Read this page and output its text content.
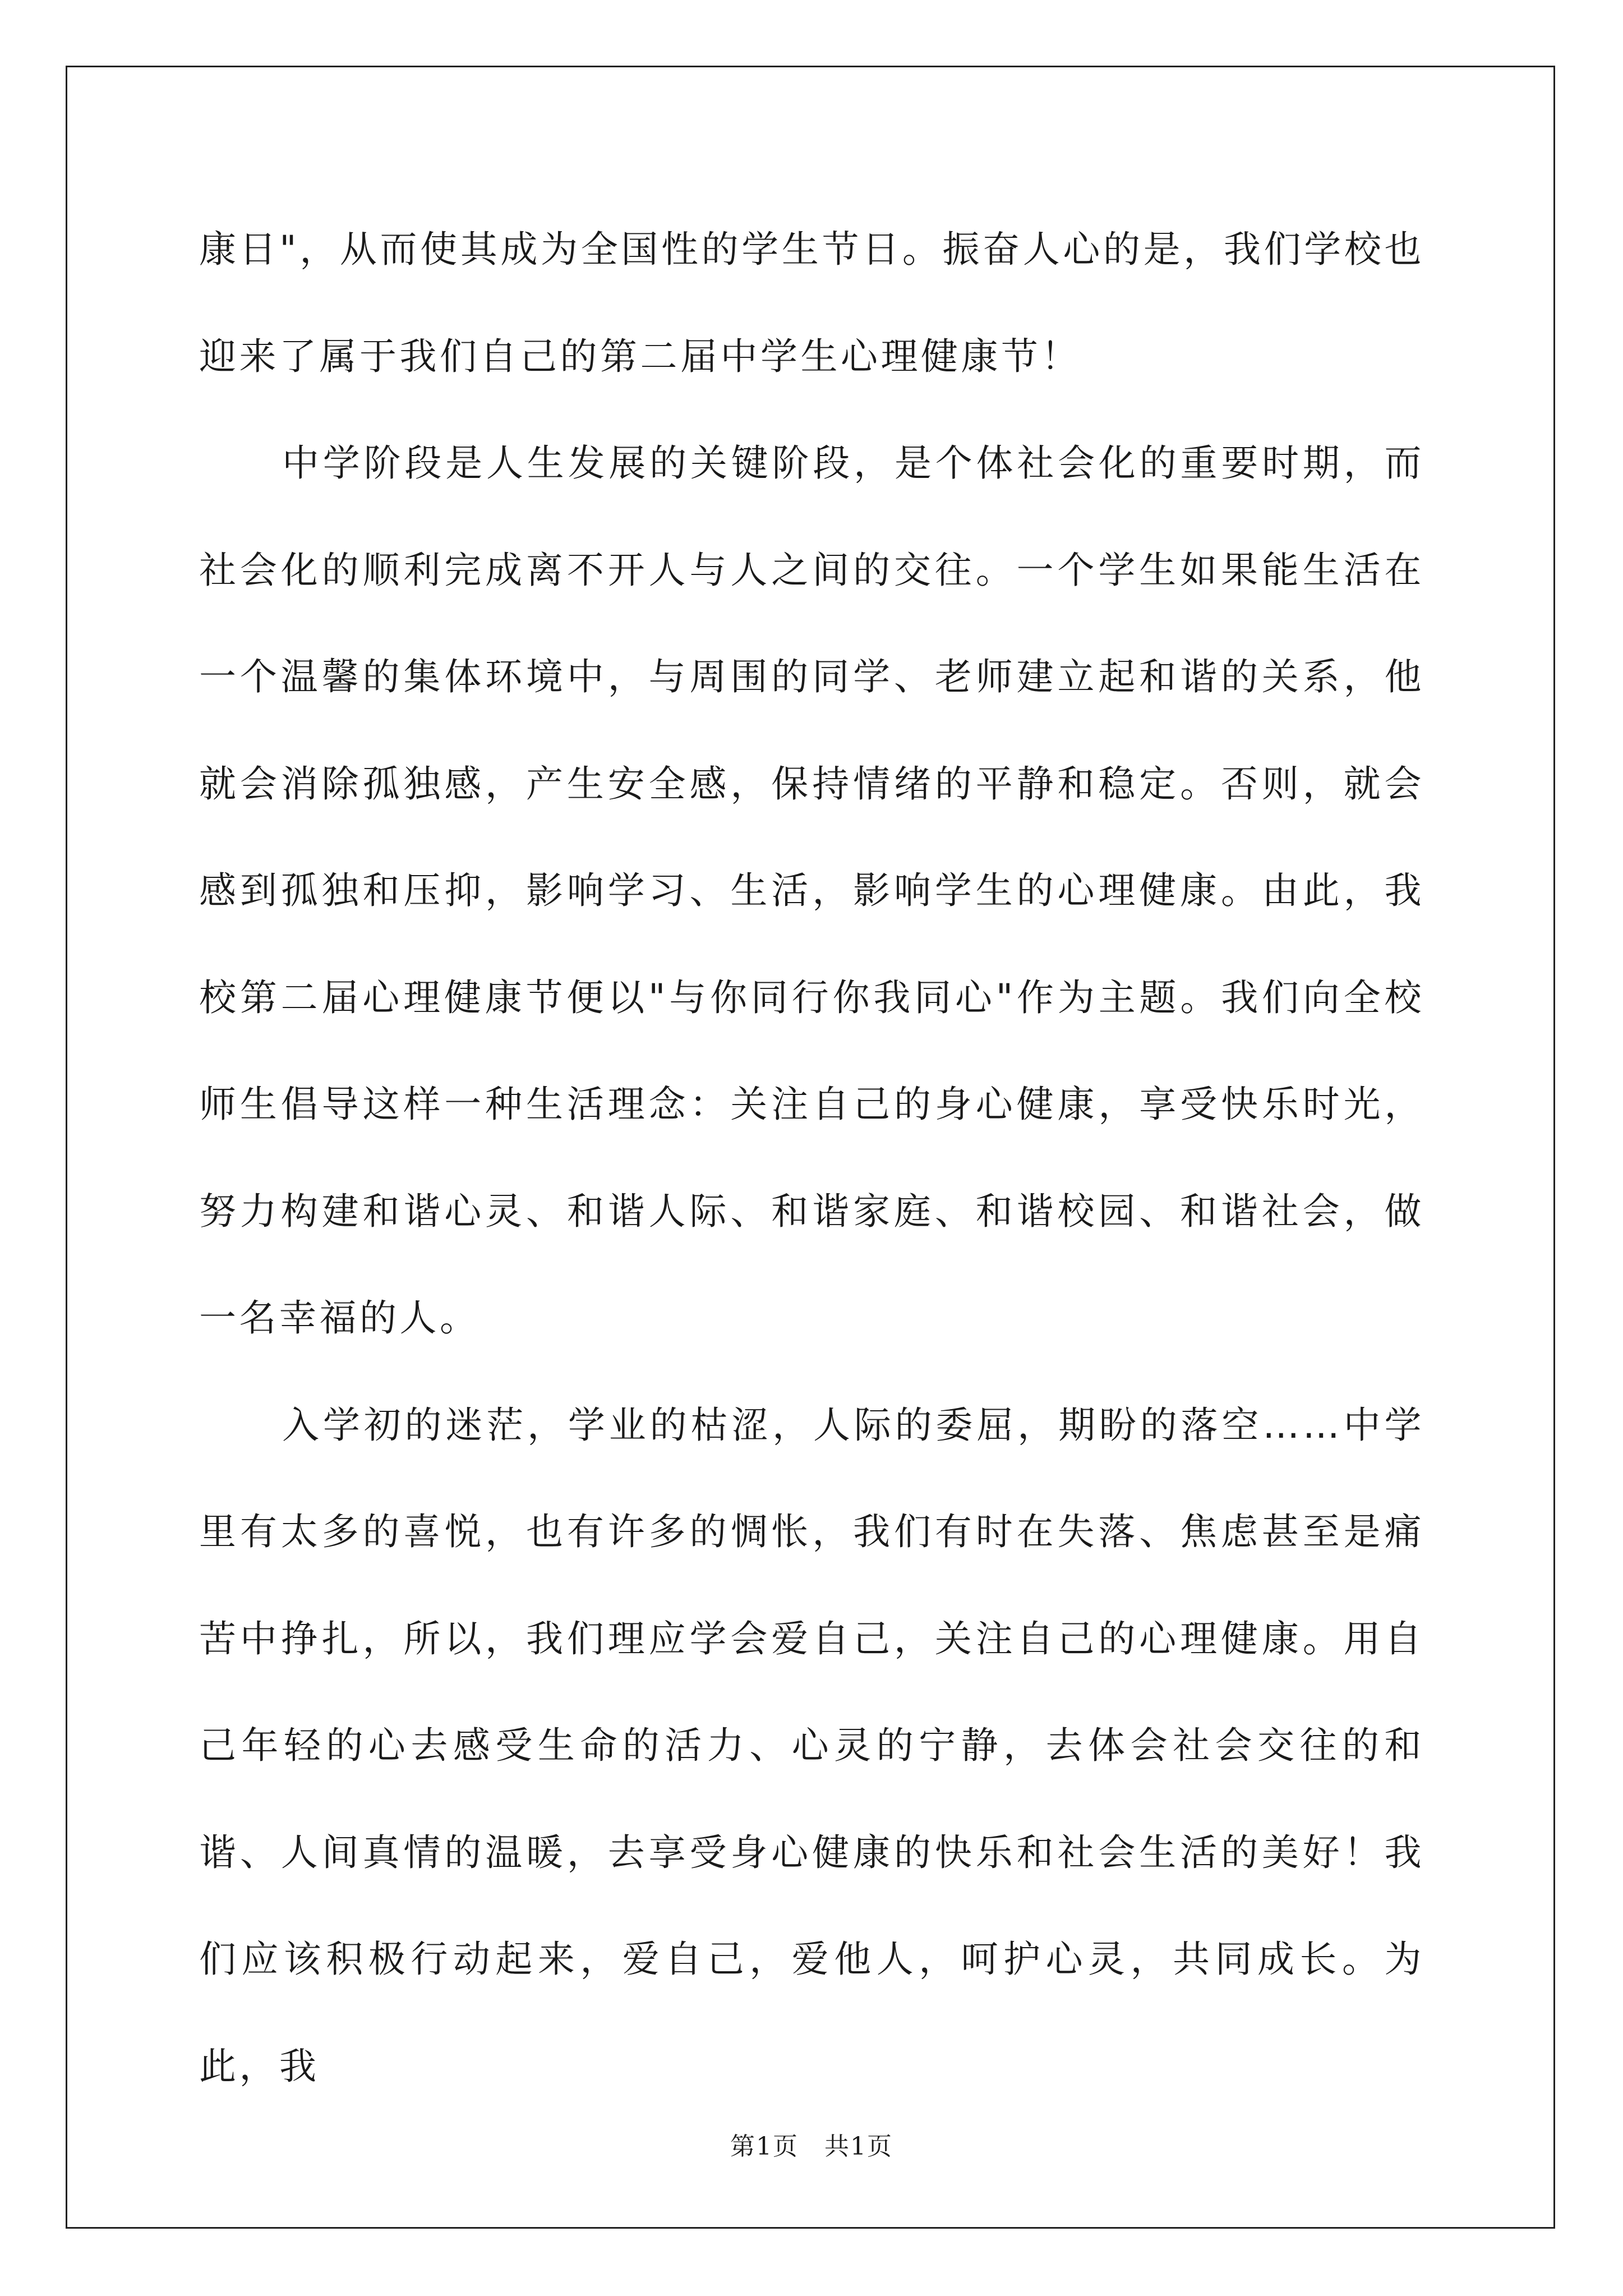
康日"，从而使其成为全国性的学生节日。振奋人心的是，我们学校也迎来了属于我们自己的第二届中学生心理健康节！

中学阶段是人生发展的关键阶段，是个体社会化的重要时期，而社会化的顺利完成离不开人与人之间的交往。一个学生如果能生活在一个温馨的集体环境中，与周围的同学、老师建立起和谐的关系，他就会消除孤独感，产生安全感，保持情绪的平静和稳定。否则，就会感到孤独和压抑，影响学习、生活，影响学生的心理健康。由此，我校第二届心理健康节便以"与你同行你我同心"作为主题。我们向全校师生倡导这样一种生活理念：关注自己的身心健康，享受快乐时光，努力构建和谐心灵、和谐人际、和谐家庭、和谐校园、和谐社会，做一名幸福的人。

入学初的迷茫，学业的枯涩，人际的委屈，期盼的落空……中学里有太多的喜悦，也有许多的惆怅，我们有时在失落、焦虑甚至是痛苦中挣扎，所以，我们理应学会爱自己，关注自己的心理健康。用自己年轻的心去感受生命的活力、心灵的宁静，去体会社会交往的和谐、人间真情的温暖，去享受身心健康的快乐和社会生活的美好！我们应该积极行动起来，爱自己，爱他人，呵护心灵，共同成长。为此，我

第1页 共1页
